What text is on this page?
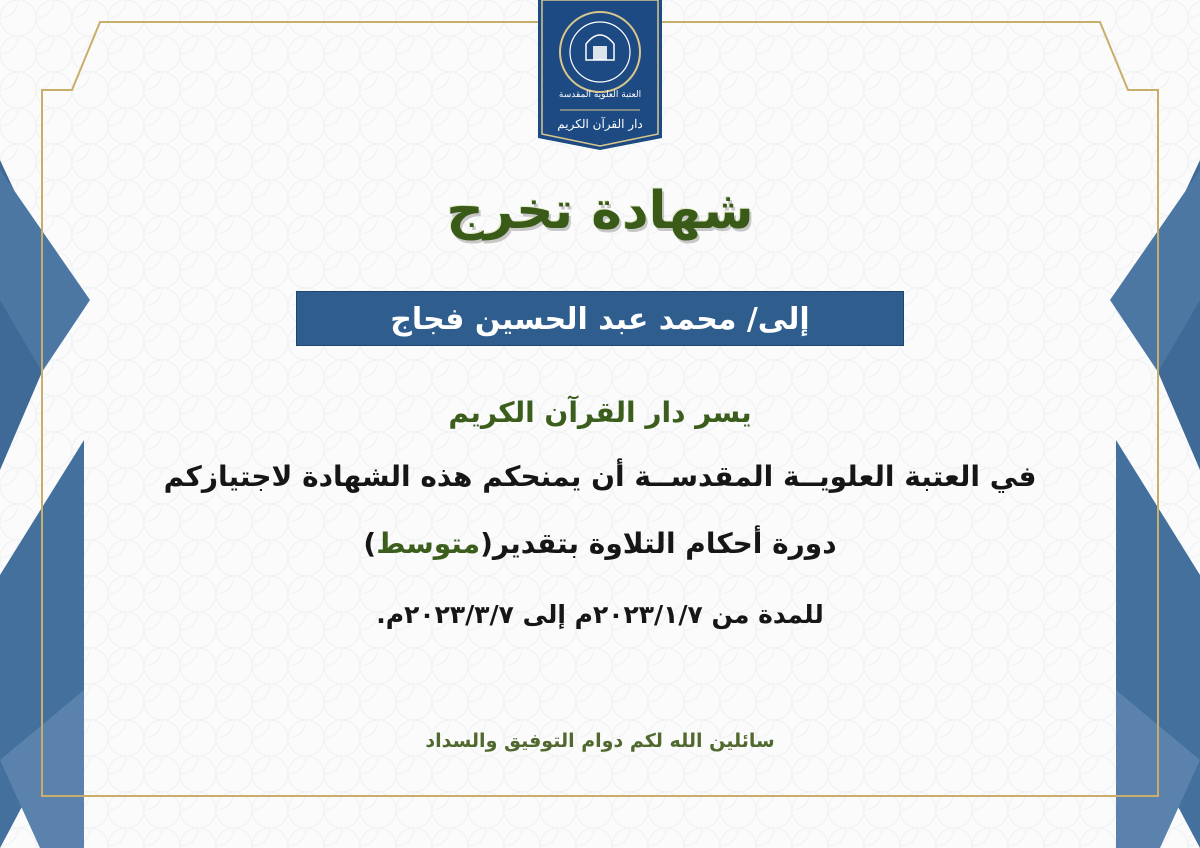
العتبة العلوية المقدسة
دار القرآن الكريم
شهادة تخرج
إلى/ محمد عبد الحسين فجاج
يسر دار القرآن الكريم
في العتبة العلويــة المقدســة أن يمنحكم هذه الشهادة لاجتيازكم
دورة أحكام التلاوة بتقدير(متوسط)
للمدة من ٢٠٢٣/١/٧م إلى ٢٠٢٣/٣/٧م.
سائلين الله لكم دوام التوفيق والسداد
